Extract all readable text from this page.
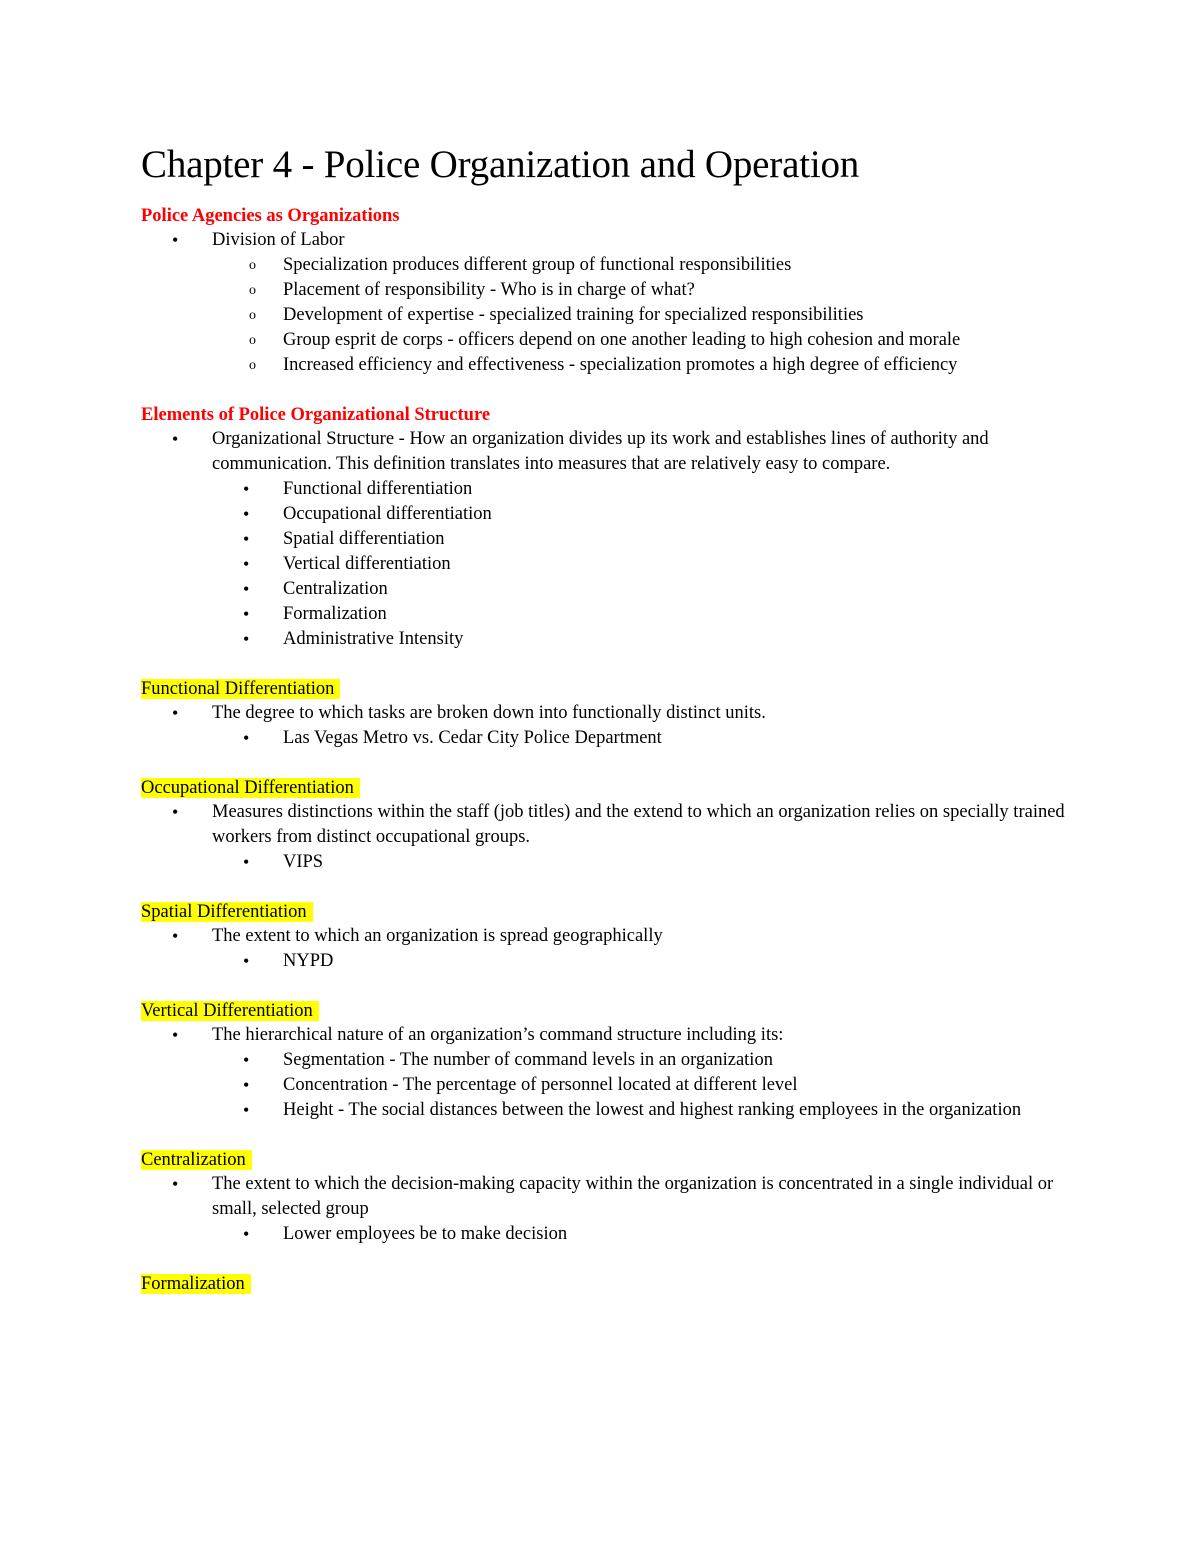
Chapter 4 - Police Organization and Operation

Police Agencies as Organizations

• Division of Labor
o Specialization produces different group of functional responsibilities
o Placement of responsibility - Who is in charge of what?
o Development of expertise - specialized training for specialized responsibilities
o Group esprit de corps - officers depend on one another leading to high cohesion and morale
o Increased efficiency and effectiveness - specialization promotes a high degree of efficiency

Elements of Police Organizational Structure

• Organizational Structure - How an organization divides up its work and establishes lines of authority and communication. This definition translates into measures that are relatively easy to compare.
• Functional differentiation
• Occupational differentiation
• Spatial differentiation
• Vertical differentiation
• Centralization
• Formalization
• Administrative Intensity

Functional Differentiation

• The degree to which tasks are broken down into functionally distinct units.
• Las Vegas Metro vs. Cedar City Police Department

Occupational Differentiation

• Measures distinctions within the staff (job titles) and the extend to which an organization relies on specially trained workers from distinct occupational groups.
• VIPS

Spatial Differentiation

• The extent to which an organization is spread geographically
• NYPD

Vertical Differentiation

• The hierarchical nature of an organization’s command structure including its:
• Segmentation - The number of command levels in an organization
• Concentration - The percentage of personnel located at different level
• Height - The social distances between the lowest and highest ranking employees in the organization

Centralization

• The extent to which the decision-making capacity within the organization is concentrated in a single individual or small, selected group
• Lower employees be to make decision

Formalization
